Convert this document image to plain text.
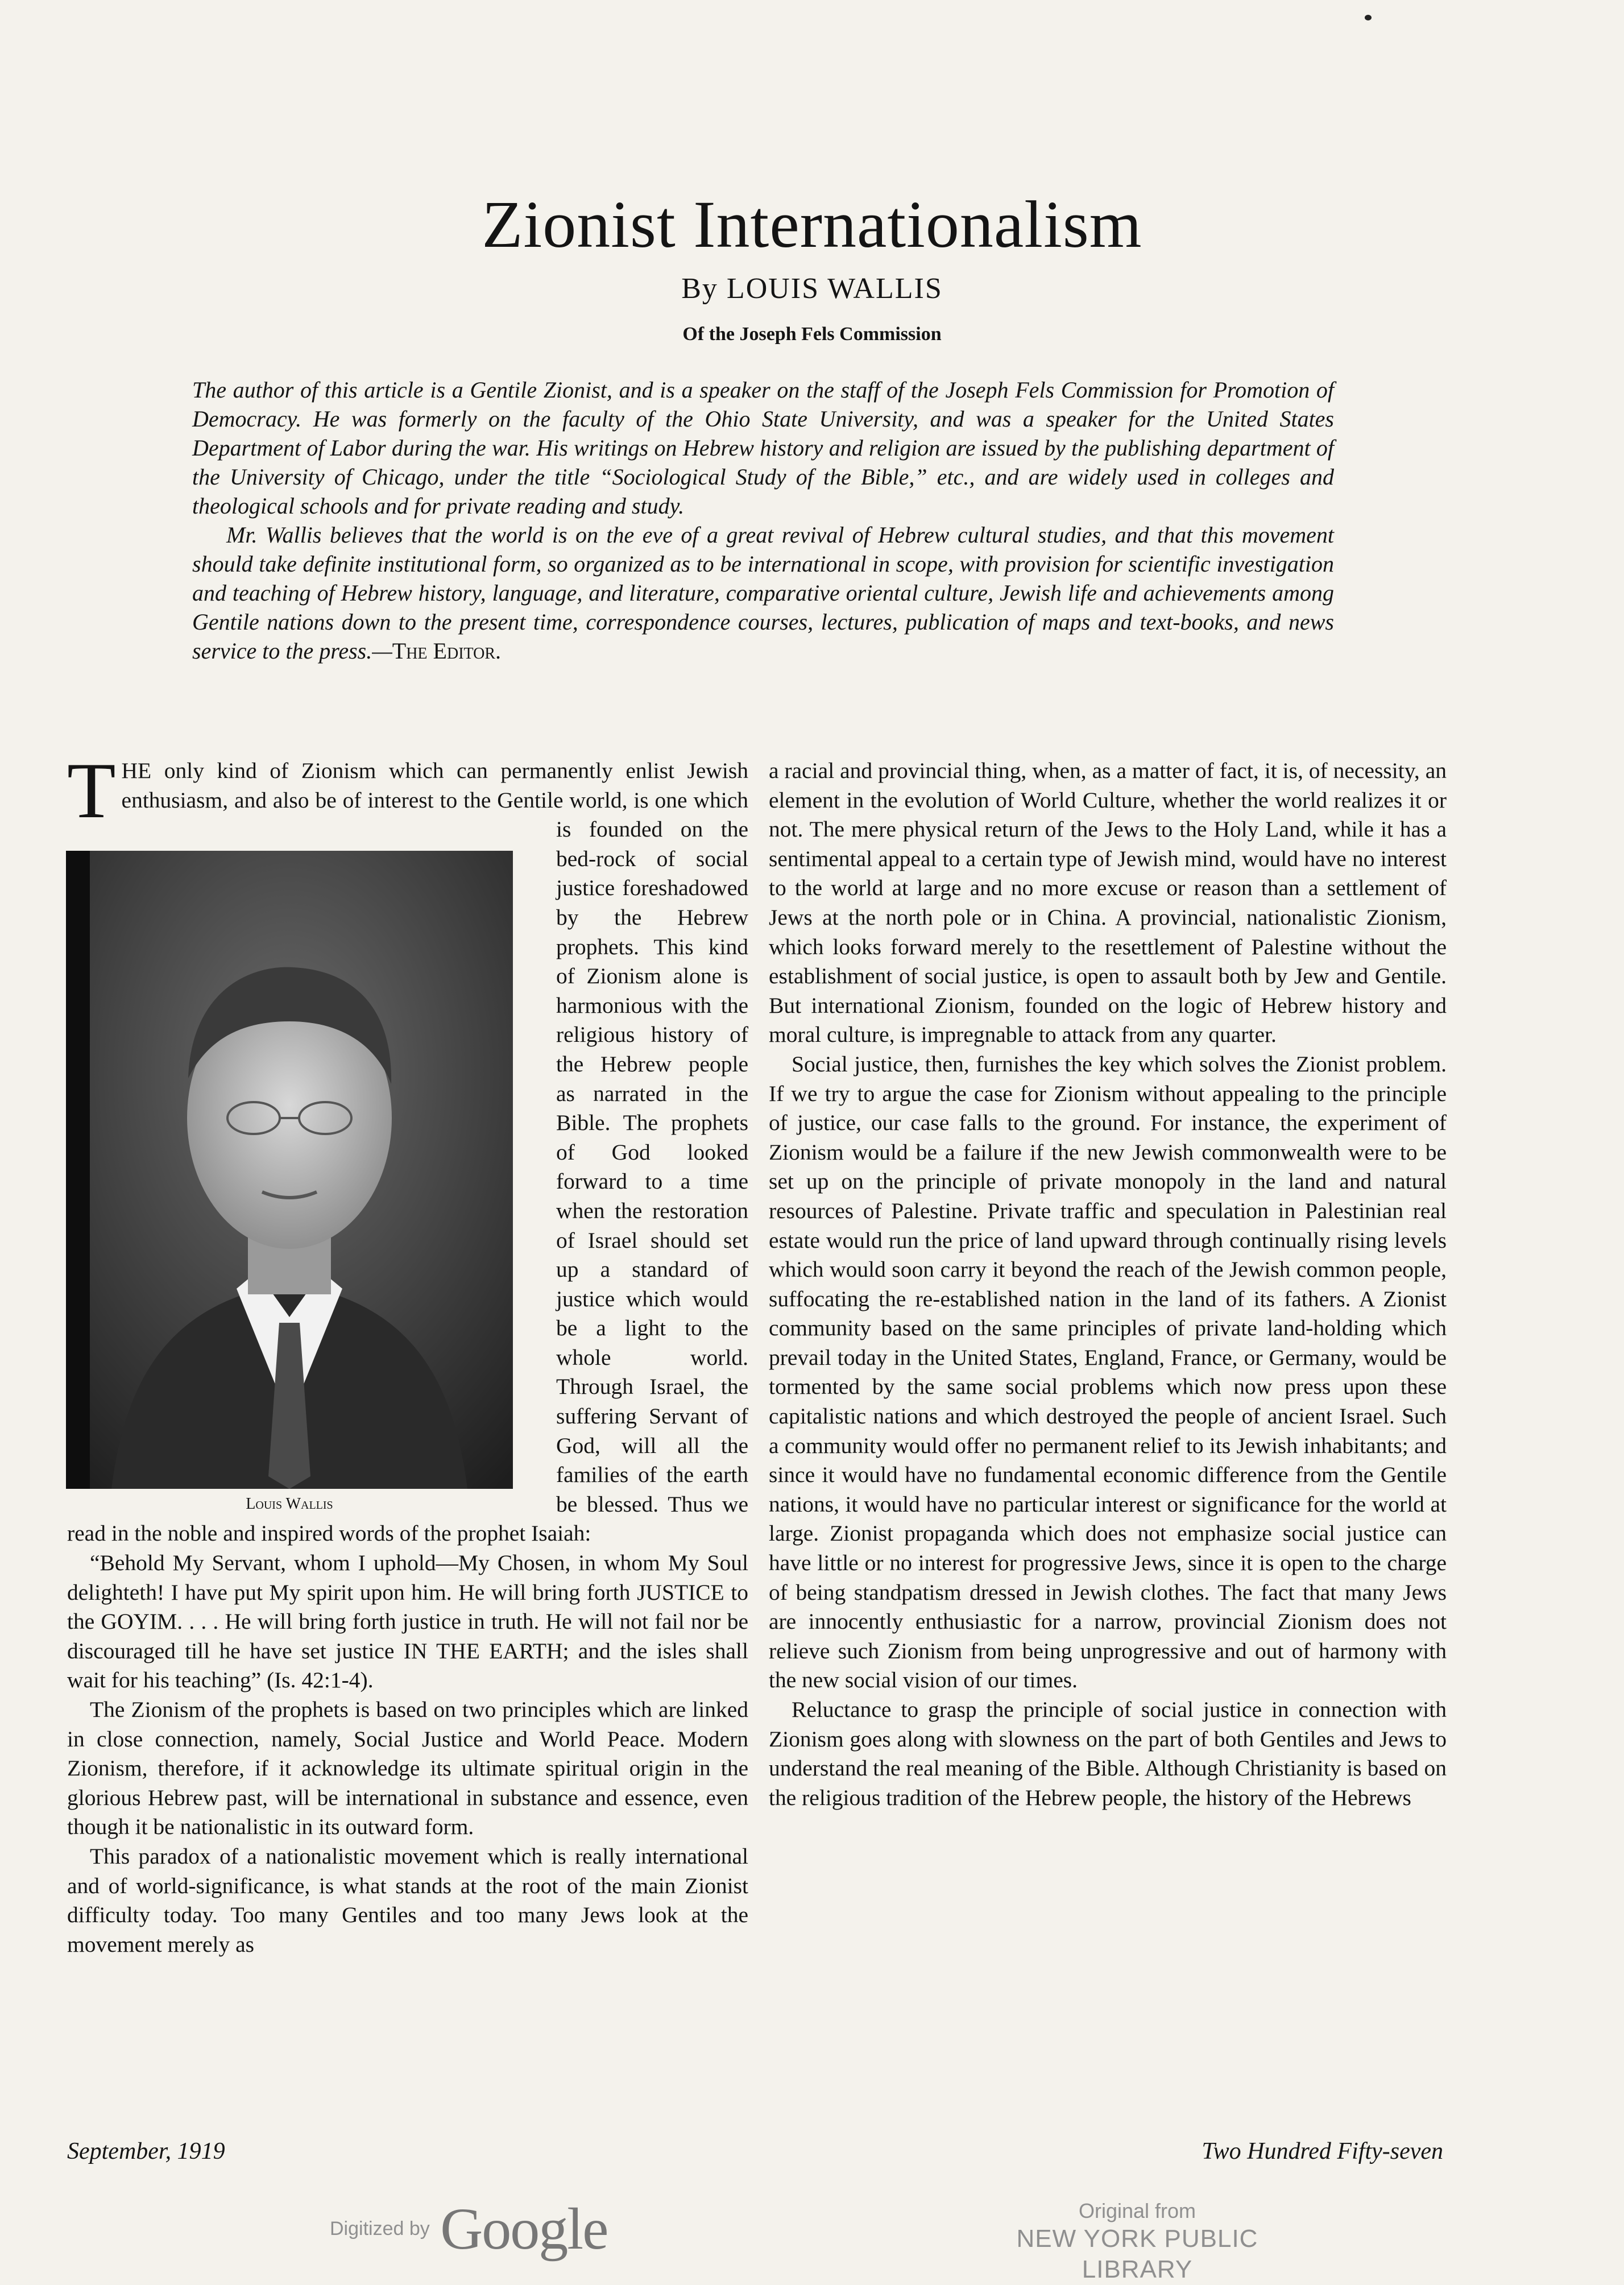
Zionist Internationalism
By LOUIS WALLIS
Of the Joseph Fels Commission

The author of this article is a Gentile Zionist, and is a speaker on the staff of the Joseph Fels Commission for Promotion of Democracy. He was formerly on the faculty of the Ohio State University, and was a speaker for the United States Department of Labor during the war. His writings on Hebrew history and religion are issued by the publishing department of the University of Chicago, under the title “Sociological Study of the Bible,” etc., and are widely used in colleges and theological schools and for private reading and study.

Mr. Wallis believes that the world is on the eve of a great revival of Hebrew cultural studies, and that this movement should take definite institutional form, so organized as to be international in scope, with provision for scientific investigation and teaching of Hebrew history, language, and literature, comparative oriental culture, Jewish life and achievements among Gentile nations down to the present time, correspondence courses, lectures, publication of maps and text-books, and news service to the press.—The Editor.

T
Louis Wallis

HE only kind of Zionism which can permanently enlist Jewish enthusiasm, and also be of interest to the Gentile world, is one which is founded on the bed-rock of social justice foreshadowed by the Hebrew prophets. This kind of Zionism alone is harmonious with the religious history of the Hebrew people as narrated in the Bible. The prophets of God looked forward to a time when the restoration of Israel should set up a standard of justice which would be a light to the whole world. Through Israel, the suffering Servant of God, will all the families of the earth be blessed. Thus we read in the noble and inspired words of the prophet Isaiah:

“Behold My Servant, whom I uphold—My Chosen, in whom My Soul delighteth! I have put My spirit upon him. He will bring forth JUSTICE to the GOYIM. . . . He will bring forth justice in truth. He will not fail nor be discouraged till he have set justice IN THE EARTH; and the isles shall wait for his teaching” (Is. 42:1-4).

The Zionism of the prophets is based on two principles which are linked in close connection, namely, Social Justice and World Peace. Modern Zionism, therefore, if it acknowledge its ultimate spiritual origin in the glorious Hebrew past, will be international in substance and essence, even though it be nationalistic in its outward form.

This paradox of a nationalistic movement which is really international and of world-significance, is what stands at the root of the main Zionist difficulty today. Too many Gentiles and too many Jews look at the movement merely as

a racial and provincial thing, when, as a matter of fact, it is, of necessity, an element in the evolution of World Culture, whether the world realizes it or not. The mere physical return of the Jews to the Holy Land, while it has a sentimental appeal to a certain type of Jewish mind, would have no interest to the world at large and no more excuse or reason than a settlement of Jews at the north pole or in China. A provincial, nationalistic Zionism, which looks forward merely to the resettlement of Palestine without the establishment of social justice, is open to assault both by Jew and Gentile. But international Zionism, founded on the logic of Hebrew history and moral culture, is impregnable to attack from any quarter.

Social justice, then, furnishes the key which solves the Zionist problem. If we try to argue the case for Zionism without appealing to the principle of justice, our case falls to the ground. For instance, the experiment of Zionism would be a failure if the new Jewish commonwealth were to be set up on the principle of private monopoly in the land and natural resources of Palestine. Private traffic and speculation in Palestinian real estate would run the price of land upward through continually rising levels which would soon carry it beyond the reach of the Jewish common people, suffocating the re-established nation in the land of its fathers. A Zionist community based on the same principles of private land-holding which prevail today in the United States, England, France, or Germany, would be tormented by the same social problems which now press upon these capitalistic nations and which destroyed the people of ancient Israel. Such a community would offer no permanent relief to its Jewish inhabitants; and since it would have no fundamental economic difference from the Gentile nations, it would have no particular interest or significance for the world at large. Zionist propaganda which does not emphasize social justice can have little or no interest for progressive Jews, since it is open to the charge of being standpatism dressed in Jewish clothes. The fact that many Jews are innocently enthusiastic for a narrow, provincial Zionism does not relieve such Zionism from being unprogressive and out of harmony with the new social vision of our times.

Reluctance to grasp the principle of social justice in connection with Zionism goes along with slowness on the part of both Gentiles and Jews to understand the real meaning of the Bible. Although Christianity is based on the religious tradition of the Hebrew people, the history of the Hebrews

September, 1919	Two Hundred Fifty-seven
Digitized by Google	Original from
NEW YORK PUBLIC LIBRARY
